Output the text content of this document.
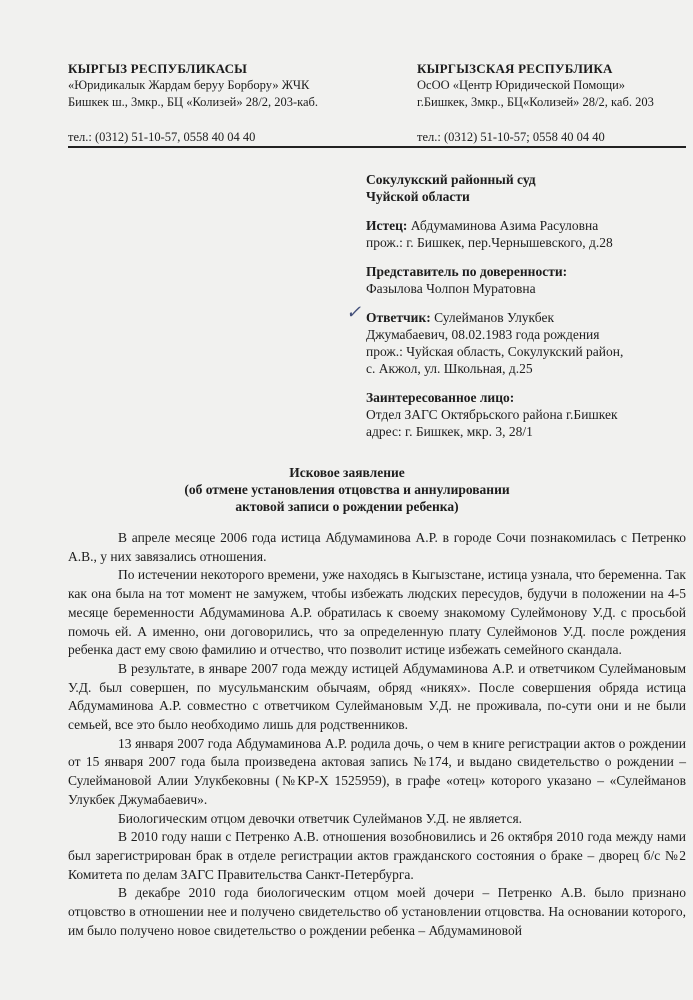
КЫРГЫЗ РЕСПУБЛИКАСЫ
«Юридикалык Жардам беруу Борбору» ЖЧК
Бишкек ш., 3мкр., БЦ «Колизей» 28/2, 203-каб.
тел.: (0312) 51-10-57, 0558 40 04 40
КЫРГЫЗСКАЯ РЕСПУБЛИКА
ОсОО «Центр Юридической Помощи»
г.Бишкек, 3мкр., БЦ«Колизей» 28/2, каб. 203
тел.: (0312) 51-10-57; 0558 40 04 40
✓
Сокулукский районный суд
Чуйской области
Истец: Абдумаминова Азима Расуловна
прож.: г. Бишкек, пер.Чернышевского, д.28
Представитель по доверенности:
Фазылова Чолпон Муратовна
Ответчик: Сулейманов Улукбек
Джумабаевич, 08.02.1983 года рождения
прож.: Чуйская область, Сокулукский район,
с. Акжол, ул. Школьная, д.25
Заинтересованное лицо:
Отдел ЗАГС Октябрьского района г.Бишкек
адрес: г. Бишкек, мкр. 3, 28/1
Исковое заявление
(об отмене установления отцовства и аннулировании
актовой записи о рождении ребенка)

В апреле месяце 2006 года истица Абдумаминова А.Р. в городе Сочи познакомилась с Петренко А.В., у них завязались отношения.

По истечении некоторого времени, уже находясь в Кыгызстане, истица узнала, что беременна. Так как она была на тот момент не замужем, чтобы избежать людских пересудов, будучи в положении на 4-5 месяце беременности Абдумаминова А.Р. обратилась к своему знакомому Сулеймонову У.Д. с просьбой помочь ей. А именно, они договорились, что за определенную плату Сулеймонов У.Д. после рождения ребенка даст ему свою фамилию и отчество, что позволит истице избежать семейного скандала.

В результате, в январе 2007 года между истицей Абдумаминова А.Р. и ответчиком Сулеймановым У.Д. был совершен, по мусульманским обычаям, обряд «никях». После совершения обряда истица Абдумаминова А.Р. совместно с ответчиком Сулеймановым У.Д. не проживала, по-сути они и не были семьей, все это было необходимо лишь для родственников.

13 января 2007 года Абдумаминова А.Р. родила дочь, о чем в книге регистрации актов о рождении от 15 января 2007 года была произведена актовая запись №174, и выдано свидетельство о рождении – Сулеймановой Алии Улукбековны (№KP-X 1525959), в графе «отец» которого указано – «Сулейманов Улукбек Джумабаевич».

Биологическим отцом девочки ответчик Сулейманов У.Д. не является.

В 2010 году наши с Петренко А.В. отношения возобновились и 26 октября 2010 года между нами был зарегистрирован брак в отделе регистрации актов гражданского состояния о браке – дворец б/с №2 Комитета по делам ЗАГС Правительства Санкт-Петербурга.

В декабре 2010 года биологическим отцом моей дочери – Петренко А.В. было признано отцовство в отношении нее и получено свидетельство об установлении отцовства. На основании которого, им было получено новое свидетельство о рождении ребенка – Абдумаминовой
